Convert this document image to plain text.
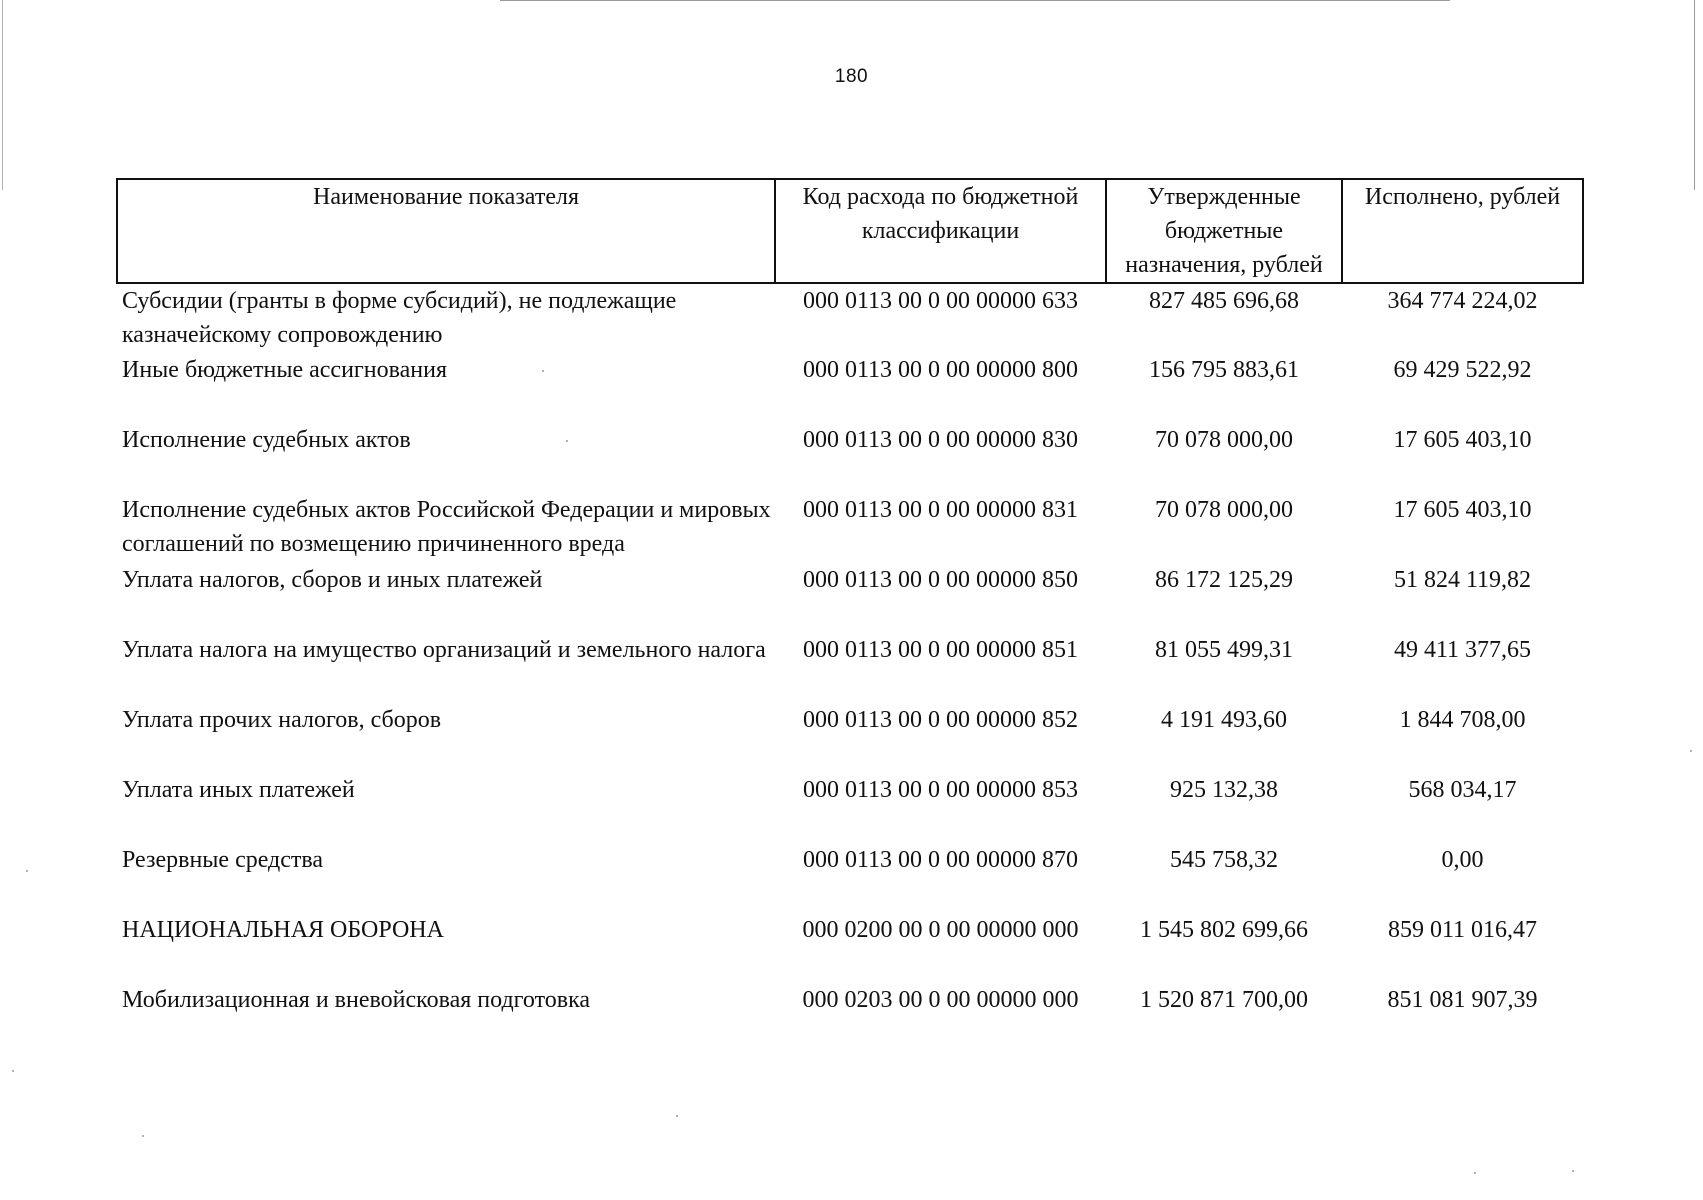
180
Наименование показателя	Код расхода по бюджетной классификации	Утвержденные бюджетные назначения, рублей	Исполнено, рублей
Субсидии (гранты в форме субсидий), не подлежащие казначейскому сопровождению	000 0113 00 0 00 00000 633	827 485 696,68	364 774 224,02
Иные бюджетные ассигнования	000 0113 00 0 00 00000 800	156 795 883,61	69 429 522,92
Исполнение судебных актов	000 0113 00 0 00 00000 830	70 078 000,00	17 605 403,10
Исполнение судебных актов Российской Федерации и мировых соглашений по возмещению причиненного вреда	000 0113 00 0 00 00000 831	70 078 000,00	17 605 403,10
Уплата налогов, сборов и иных платежей	000 0113 00 0 00 00000 850	86 172 125,29	51 824 119,82
Уплата налога на имущество организаций и земельного налога	000 0113 00 0 00 00000 851	81 055 499,31	49 411 377,65
Уплата прочих налогов, сборов	000 0113 00 0 00 00000 852	4 191 493,60	1 844 708,00
Уплата иных платежей	000 0113 00 0 00 00000 853	925 132,38	568 034,17
Резервные средства	000 0113 00 0 00 00000 870	545 758,32	0,00
НАЦИОНАЛЬНАЯ ОБОРОНА	000 0200 00 0 00 00000 000	1 545 802 699,66	859 011 016,47
Мобилизационная и вневойсковая подготовка	000 0203 00 0 00 00000 000	1 520 871 700,00	851 081 907,39
